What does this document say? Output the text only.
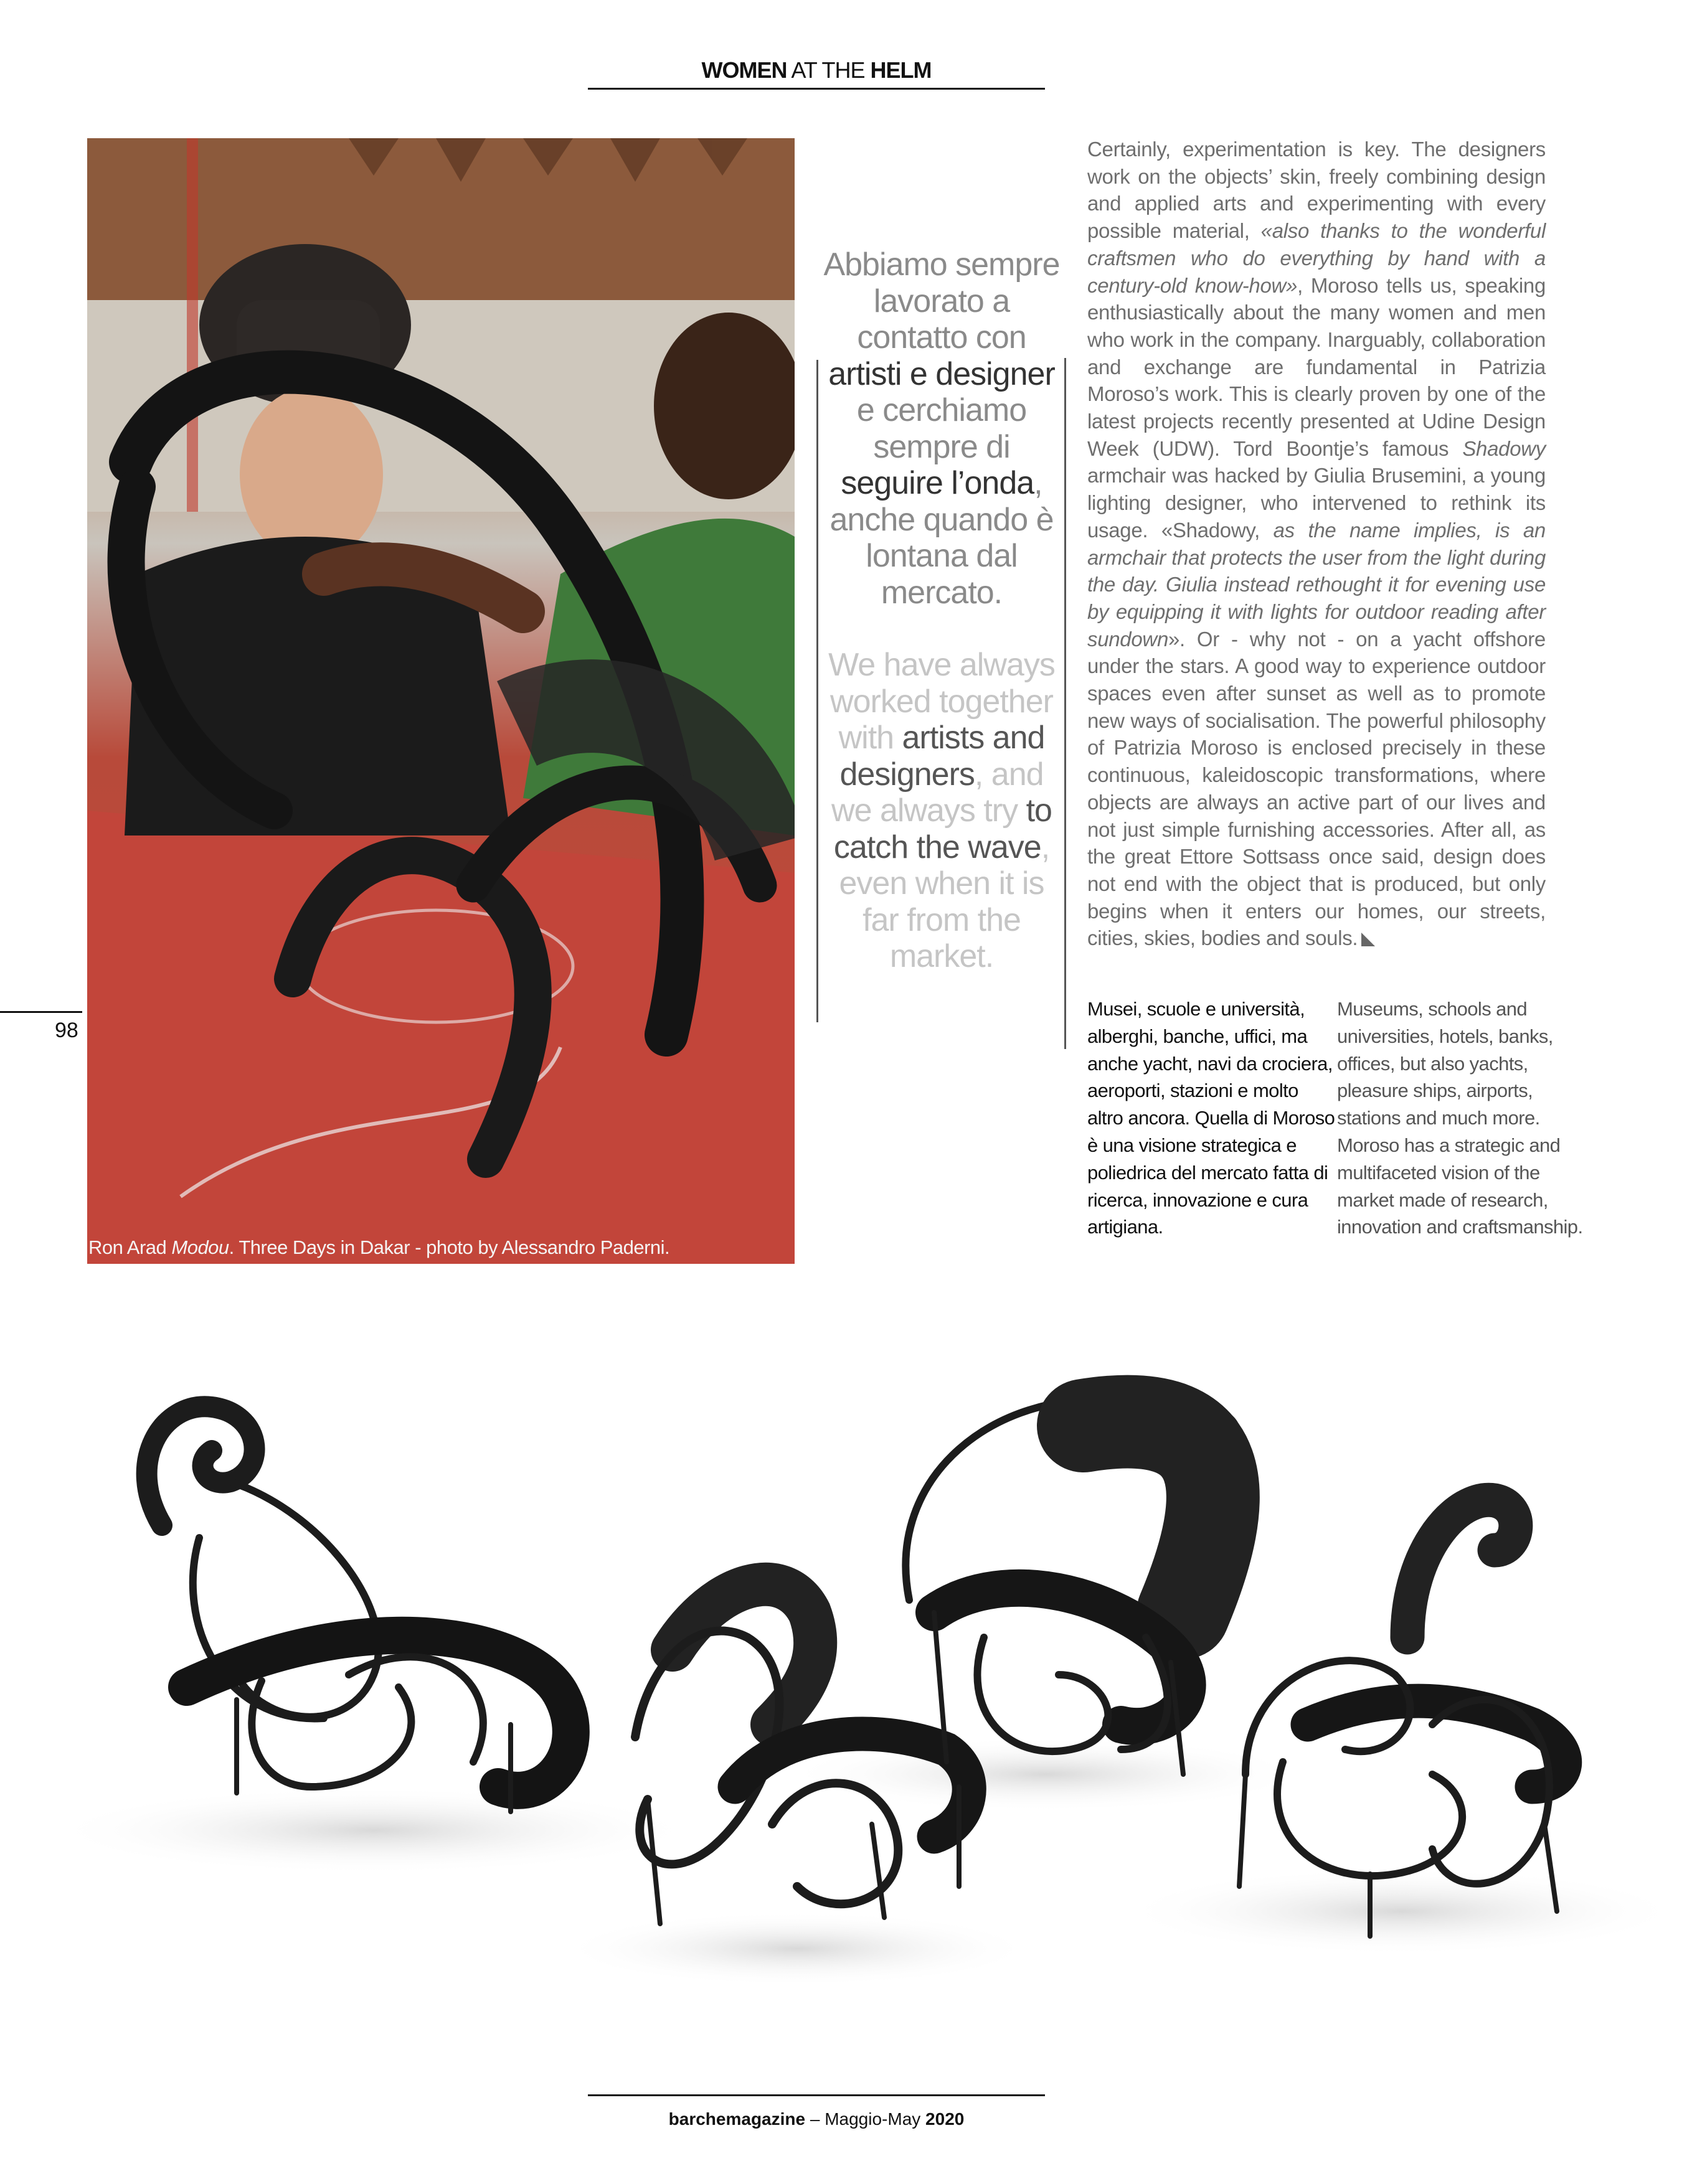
WOMEN AT THE HELM
98
Ron Arad Modou. Three Days in Dakar - photo by Alessandro Paderni.
Abbiamo sempre lavorato a contatto con artisti e designer e cerchiamo sempre di seguire l’onda, anche quando è lontana dal mercato.
We have always worked together with artists and designers, and we always try to catch the wave, even when it is far from the market.

Certainly, experimentation is key. The designers work on the objects’ skin, freely combining design and applied arts and experimenting with every possible material, «also thanks to the wonderful craftsmen who do everything by hand with a century-old know-how», Moroso tells us, speaking enthusiastically about the many women and men who work in the company. Inarguably, collaboration and exchange are fundamental in Patrizia Moroso’s work. This is clearly proven by one of the latest projects recently presented at Udine Design Week (UDW). Tord Boontje’s famous Shadowy armchair was hacked by Giulia Brusemini, a young lighting designer, who intervened to rethink its usage. «Shadowy, as the name implies, is an armchair that protects the user from the light during the day. Giulia instead rethought it for evening use by equipping it with lights for outdoor reading after sundown». Or - why not - on a yacht offshore under the stars. A good way to experience outdoor spaces even after sunset as well as to promote new ways of socialisation. The powerful philosophy of Patrizia Moroso is enclosed precisely in these continuous, kaleidoscopic transformations, where objects are always an active part of our lives and not just simple furnishing accessories. After all, as the great Ettore Sottsass once said, design does not end with the object that is produced, but only begins when it enters our homes, our streets, cities, skies, bodies and souls.

Musei, scuole e università, alberghi, banche, uffici, ma anche yacht, navi da crociera, aeroporti, stazioni e molto altro ancora. Quella di Moroso è una visione strategica e poliedrica del mercato fatta di ricerca, innovazione e cura artigiana.

Museums, schools and universities, hotels, banks, offices, but also yachts, pleasure ships, airports, stations and much more. Moroso has a strategic and multifaceted vision of the market made of research, innovation and craftsmanship.

barchemagazine – Maggio-May 2020
